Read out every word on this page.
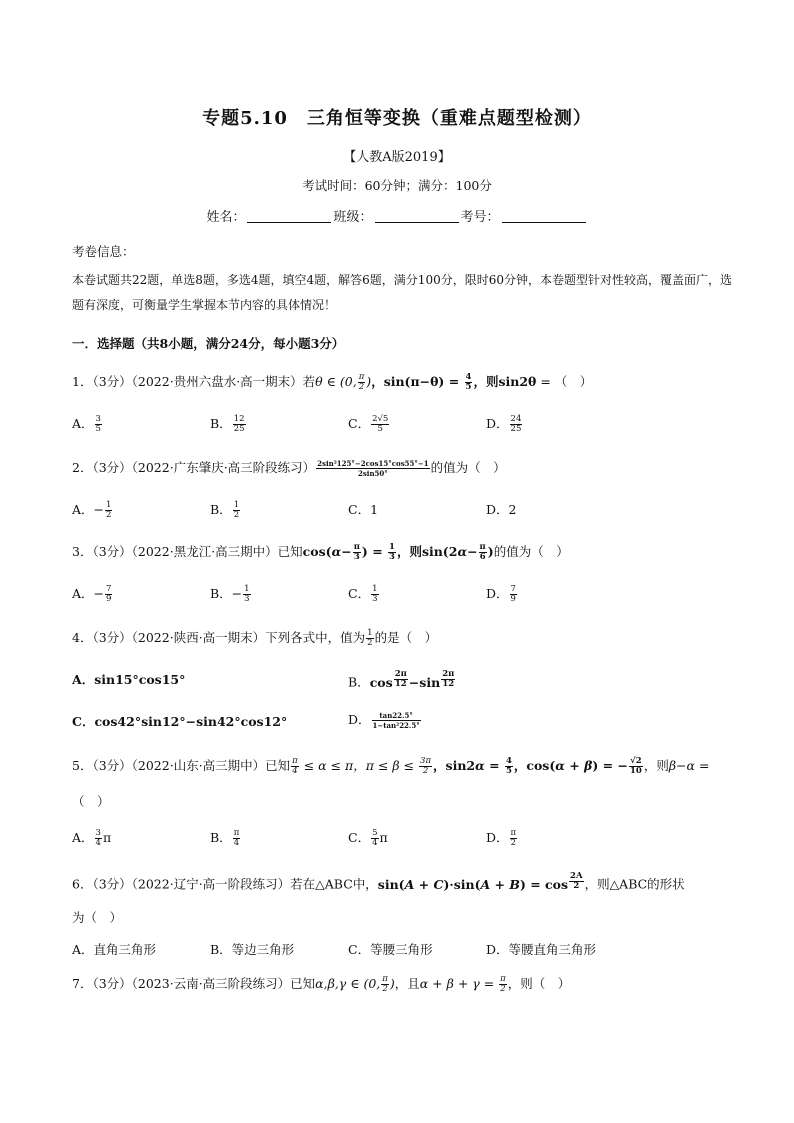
专题5.10　三角恒等变换（重难点题型检测）
【人教A版2019】
考试时间：60分钟；满分：100分
姓名：	班级：	考号：
考卷信息：
本卷试题共22题，单选8题，多选4题，填空4题，解答6题，满分100分，限时60分钟，本卷题型针对性较高，覆盖面广，选题有深度，可衡量学生掌握本节内容的具体情况！
一．选择题（共8小题，满分24分，每小题3分）
1．（3分）（2022·贵州六盘水·高一期末）若θ ∈ (0, $\frac{\pi}{2}$ )，$\sin(\pi-\theta) = \frac{4}{5}$ ，则sin2θ = （　）
A． $\frac{3}{5}$	B． $\frac{12}{25}$	C． $\frac{2√5}{5}$	D． $\frac{24}{25}$
2．（3分）（2022·广东肇庆·高三阶段练习） $\frac{\text{2sin²125°−2cos15°cos55°−1}}{2\sin 50^\circ}$ 的值为（　）
A．− $\frac{1}{2}$	B． $\frac{1}{2}$	C．1	D．2
3．（3分）（2022·黑龙江·高三期中）已知$\cos(\alpha- \frac{\pi}{3}$ ) = $\frac{1}{3}$ ，则$\sin(2\alpha- \frac{\pi}{6}$ )的值为（　）
A．− $\frac{7}{9}$	B．− $\frac{1}{3}$	C． $\frac{1}{3}$	D． $\frac{7}{9}$
4．（3分）（2022·陕西·高一期末）下列各式中，值为 $\frac{1}{2}$ 的是（　）
A．sin15°cos15°	B．cos $^{\frac{2\pi}{12}}$ −sin $^{\frac{2\pi}{12}}$
C．cos42°sin12°−sin42°cos12°	D． $\frac{\tan 22.5^\circ}{\text{1−tan²22.5°}}$
5．（3分）（2022·山东·高三期中）已知 $\frac{\pi}{4} \le \alpha \le \pi$，$\pi \le \beta \le \frac{3\pi}{2}$ ，$\sin 2\alpha = \frac{4}{5}$ ，cos(α + β) = − $\frac{√2}{10}$ ，则β−α =
（　）
A． $\frac{3}{4}$ π	B． $\frac{\pi}{4}$	C． $\frac{5}{4}$ π	D． $\frac{\pi}{2}$
6．（3分）（2022·辽宁·高一阶段练习）若在△ABC中，sin(A + C)·sin(A + B) = cos $^{\frac{2A}{2}}$ ，则△ABC的形状
为（　）
A．直角三角形	B．等边三角形	C．等腰三角形	D．等腰直角三角形
7．（3分）（2023·云南·高三阶段练习）已知α,β,γ ∈ (0, $\frac{\pi}{2}$ )，且$\alpha + \beta + \gamma = \frac{\pi}{2}$ ，则（　）
